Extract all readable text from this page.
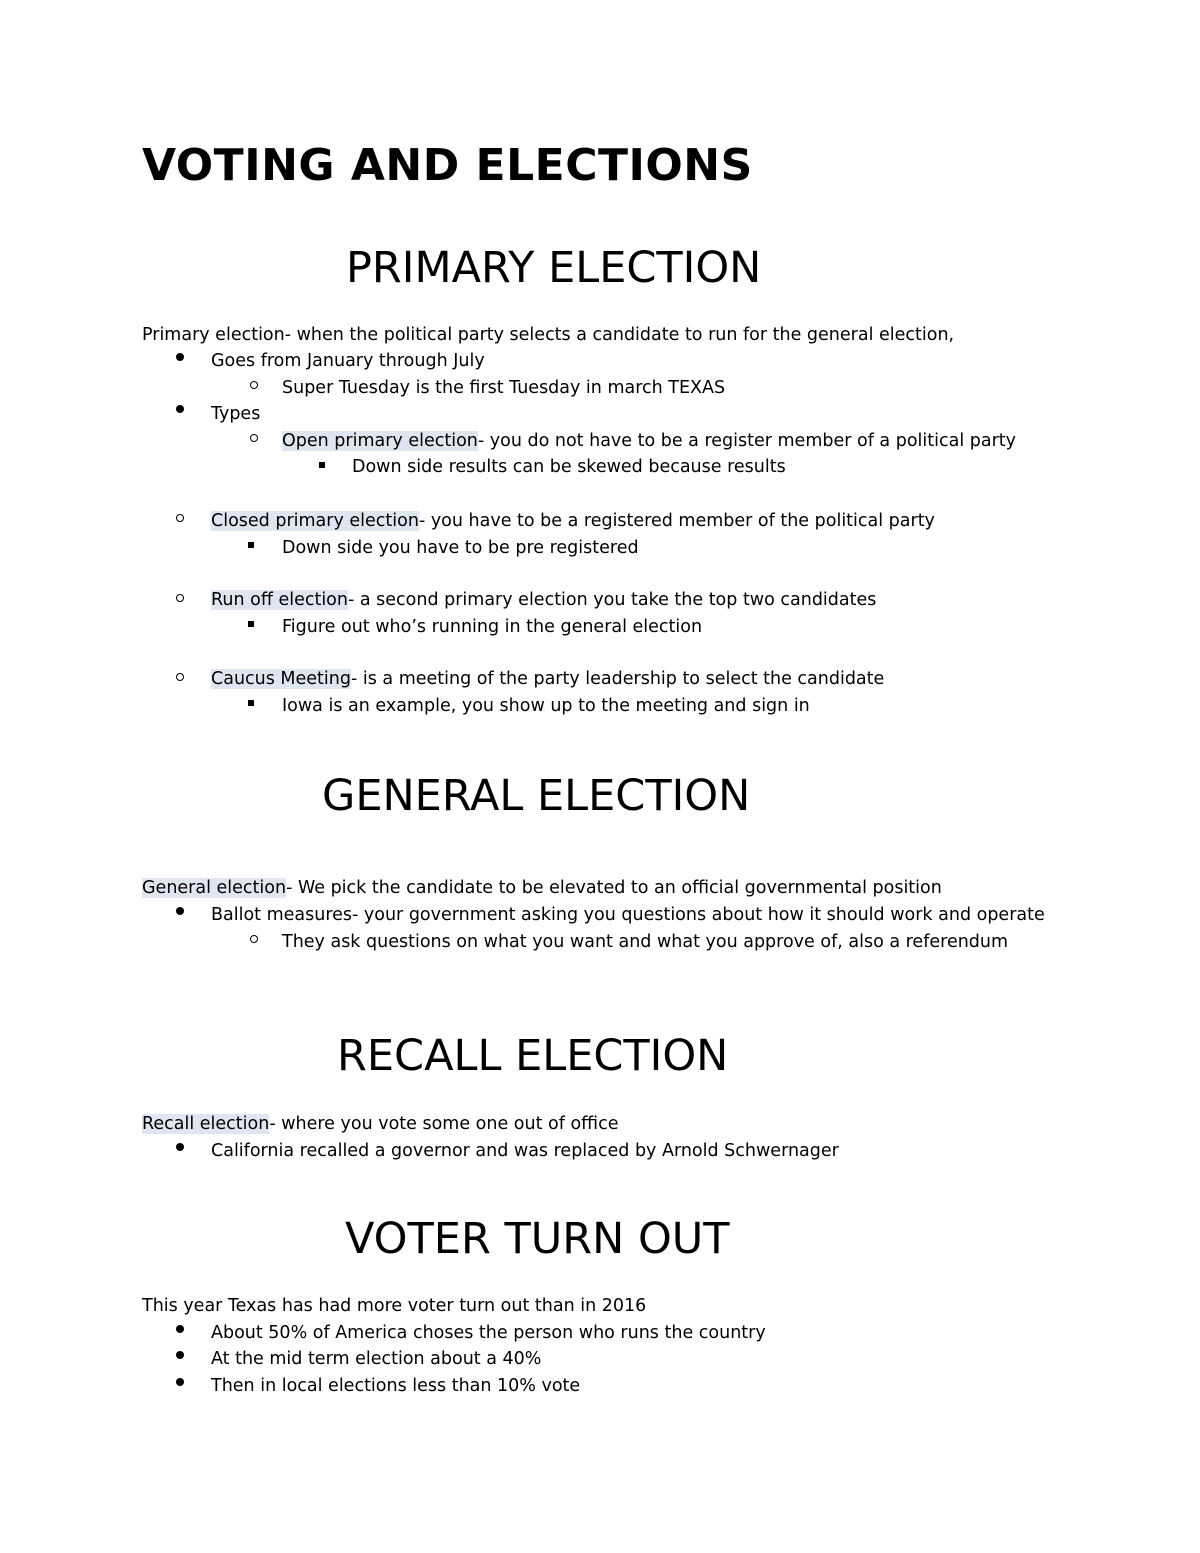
VOTING AND ELECTIONS
PRIMARY ELECTION

Primary election- when the political party selects a candidate to run for the general election,

Goes from January through July

Super Tuesday is the first Tuesday in march TEXAS

Types

Open primary election- you do not have to be a register member of a political party

Down side results can be skewed because results

Closed primary election- you have to be a registered member of the political party

Down side you have to be pre registered

Run off election- a second primary election you take the top two candidates

Figure out who’s running in the general election

Caucus Meeting- is a meeting of the party leadership to select the candidate

Iowa is an example, you show up to the meeting and sign in

GENERAL ELECTION

General election- We pick the candidate to be elevated to an official governmental position

Ballot measures- your government asking you questions about how it should work and operate

They ask questions on what you want and what you approve of, also a referendum

RECALL ELECTION

Recall election- where you vote some one out of office

California recalled a governor and was replaced by Arnold Schwernager

VOTER TURN OUT

This year Texas has had more voter turn out than in 2016

About 50% of America choses the person who runs the country

At the mid term election about a 40%

Then in local elections less than 10% vote
